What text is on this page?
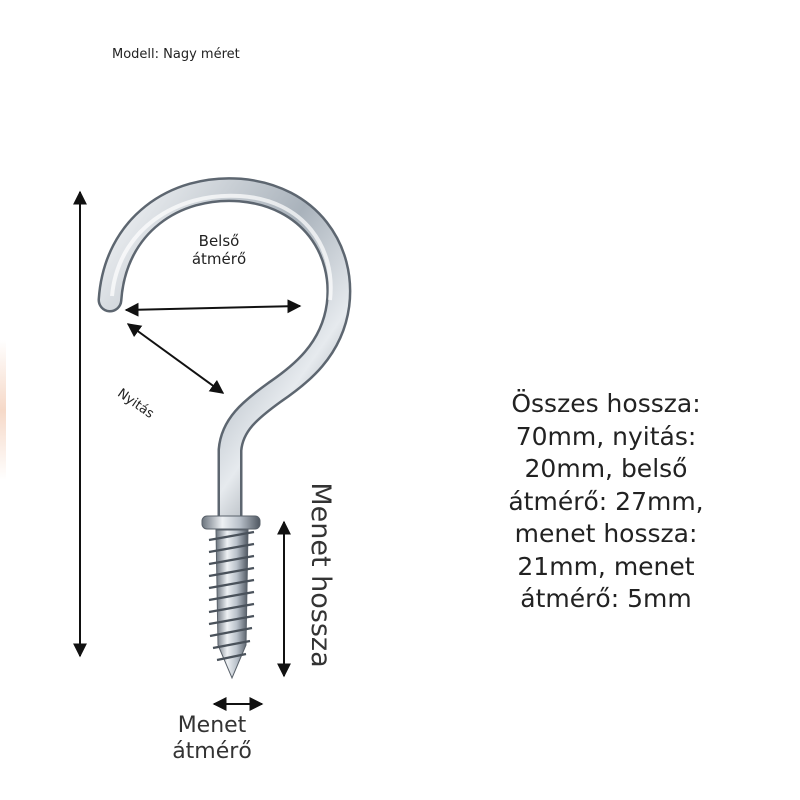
Modell: Nagy méret
Belső
átmérő
Nyitás
Menet hossza
Menet
átmérő
Összes hossza:
70mm, nyitás:
20mm, belső
átmérő: 27mm,
menet hossza:
21mm, menet
átmérő: 5mm
